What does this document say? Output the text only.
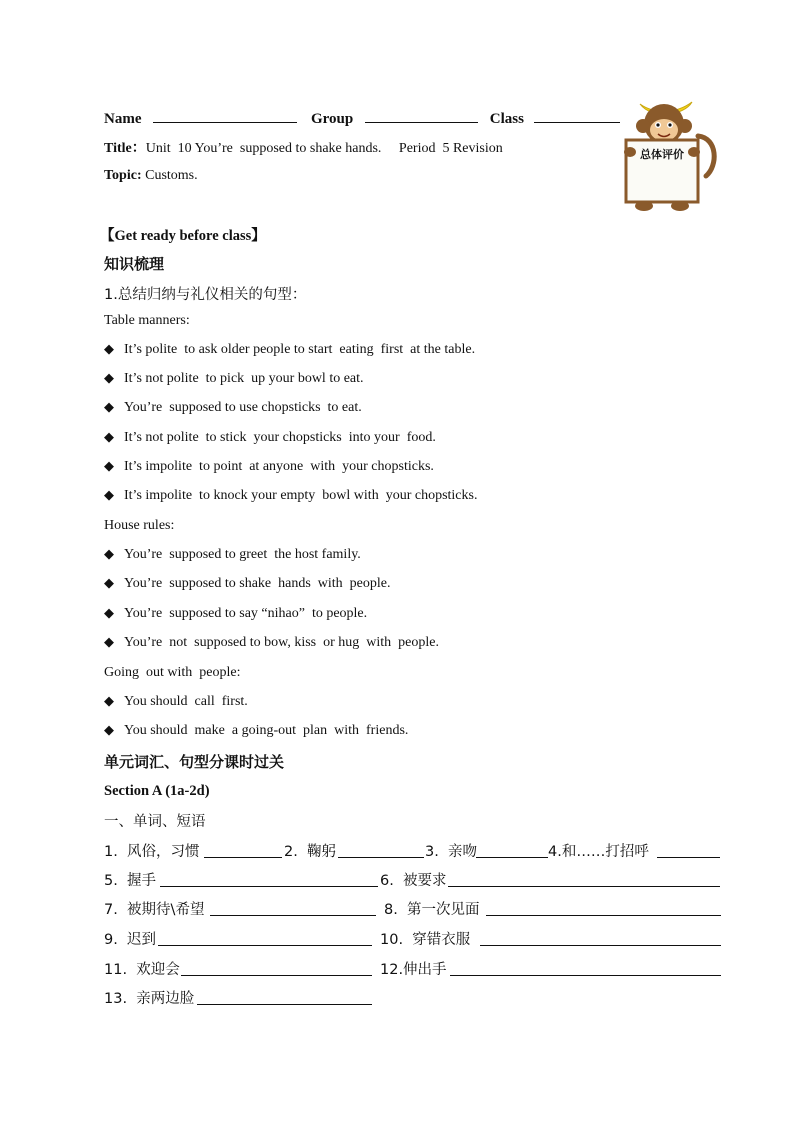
Name	Group	Class
Title：Unit  10 You’re  supposed to shake hands.     Period  5 Revision
Topic: Customs.
总体评价
【Get ready before class】
知识梳理
1.总结归纳与礼仪相关的句型：
Table manners:
◆ It’s polite  to ask older people to start  eating  first  at the table.
◆ It’s not polite  to pick  up your bowl to eat.
◆ You’re  supposed to use chopsticks  to eat.
◆ It’s not polite  to stick  your chopsticks  into your  food.
◆ It’s impolite  to point  at anyone  with  your chopsticks.
◆ It’s impolite  to knock your empty  bowl with  your chopsticks.
House rules:
◆ You’re  supposed to greet  the host family.
◆ You’re  supposed to shake  hands  with  people.
◆ You’re  supposed to say “nihao”  to people.
◆ You’re  not  supposed to bow, kiss  or hug  with  people.
Going  out with  people:
◆ You should  call  first.
◆ You should  make  a going-out  plan  with  friends.
单元词汇、句型分课时过关
Section A (1a-2d)
一、单词、短语
1.  风俗，习惯	2.  鞠躬	3.  亲吻	4.和……打招呼
5.  握手	6.  被要求
7.  被期待\希望	8.  第一次见面
9.  迟到	10.  穿错衣服
11.  欢迎会	12.伸出手
13.  亲两边脸
